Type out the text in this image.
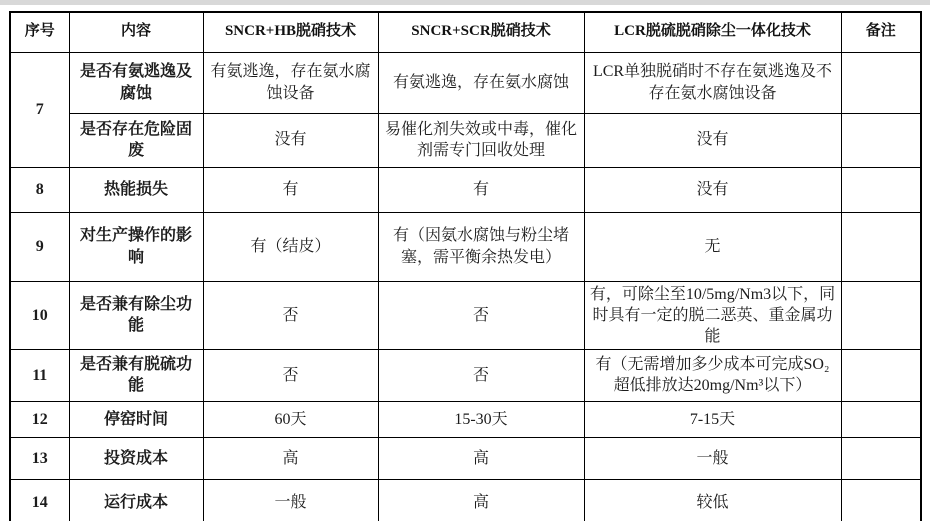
序号	内容	SNCR+HB脱硝技术	SNCR+SCR脱硝技术	LCR脱硫脱硝除尘一体化技术	备注
7	是否有氨逃逸及腐蚀	有氨逃逸，存在氨水腐蚀设备	有氨逃逸，存在氨水腐蚀	LCR单独脱硝时不存在氨逃逸及不存在氨水腐蚀设备	
	是否存在危险固废	没有	易催化剂失效或中毒，催化剂需专门回收处理	没有	
8	热能损失	有	有	没有	
9	对生产操作的影响	有（结皮）	有（因氨水腐蚀与粉尘堵塞，需平衡余热发电）	无	
10	是否兼有除尘功能	否	否	有，可除尘至10/5mg/Nm3以下，同时具有一定的脱二恶英、重金属功能	
11	是否兼有脱硫功能	否	否	有（无需增加多少成本可完成SO₂超低排放达20mg/Nm³以下）	
12	停窑时间	60天	15-30天	7-15天	
13	投资成本	高	高	一般	
14	运行成本	一般	高	较低	
